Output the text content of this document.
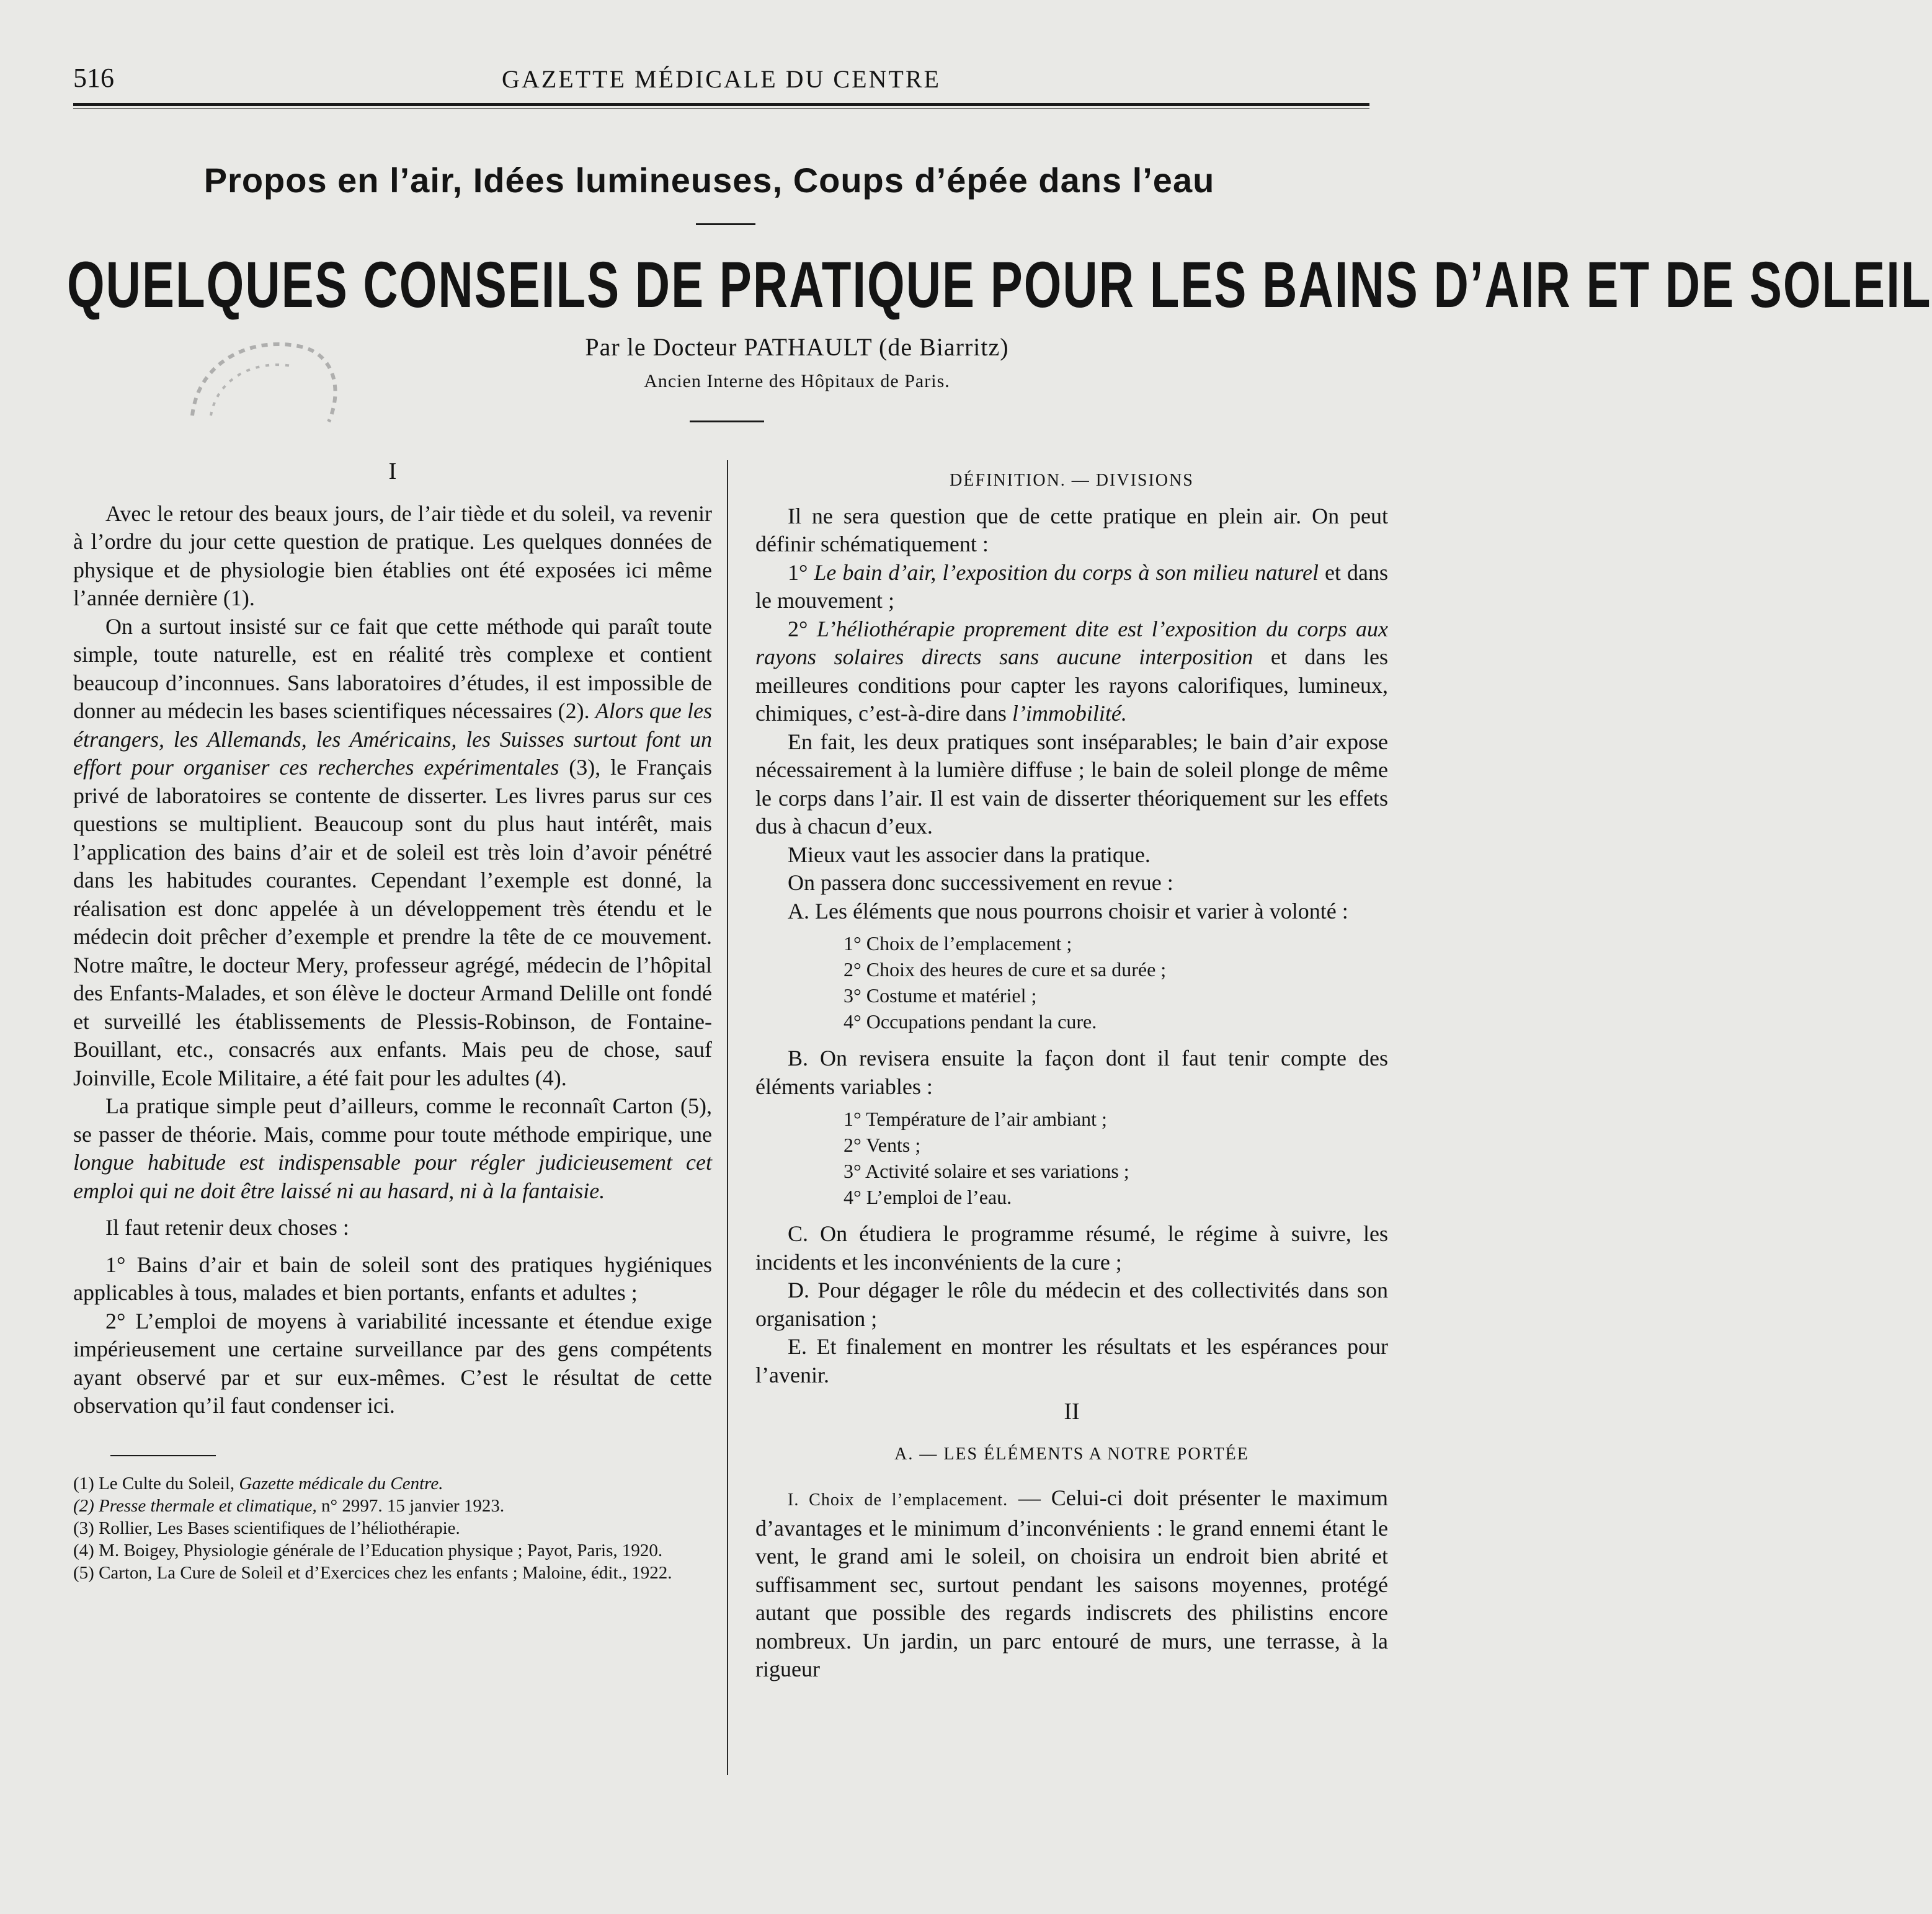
516	GAZETTE MÉDICALE DU CENTRE
Propos en l’air, Idées lumineuses, Coups d’épée dans l’eau
QUELQUES CONSEILS DE PRATIQUE POUR LES BAINS D’AIR ET DE SOLEIL
Par le Docteur PATHAULT (de Biarritz)
Ancien Interne des Hôpitaux de Paris.
I

Avec le retour des beaux jours, de l’air tiède et du soleil, va revenir à l’ordre du jour cette question de pratique. Les quelques données de physique et de physiologie bien établies ont été exposées ici même l’année dernière (1).

On a surtout insisté sur ce fait que cette méthode qui paraît toute simple, toute naturelle, est en réalité très complexe et contient beaucoup d’inconnues. Sans laboratoires d’études, il est impossible de donner au médecin les bases scientifiques nécessaires (2). Alors que les étrangers, les Allemands, les Américains, les Suisses surtout font un effort pour organiser ces recherches expérimentales (3), le Français privé de laboratoires se contente de disserter. Les livres parus sur ces questions se multiplient. Beaucoup sont du plus haut intérêt, mais l’application des bains d’air et de soleil est très loin d’avoir pénétré dans les habitudes courantes. Cependant l’exemple est donné, la réalisation est donc appelée à un développement très étendu et le médecin doit prêcher d’exemple et prendre la tête de ce mouvement. Notre maître, le docteur Mery, professeur agrégé, médecin de l’hôpital des Enfants-Malades, et son élève le docteur Armand Delille ont fondé et surveillé les établissements de Plessis-Robinson, de Fontaine-Bouillant, etc., consacrés aux enfants. Mais peu de chose, sauf Joinville, Ecole Militaire, a été fait pour les adultes (4).

La pratique simple peut d’ailleurs, comme le reconnaît Carton (5), se passer de théorie. Mais, comme pour toute méthode empirique, une longue habitude est indispensable pour régler judicieusement cet emploi qui ne doit être laissé ni au hasard, ni à la fantaisie.

Il faut retenir deux choses :

1° Bains d’air et bain de soleil sont des pratiques hygiéniques applicables à tous, malades et bien portants, enfants et adultes ;

2° L’emploi de moyens à variabilité incessante et étendue exige impérieusement une certaine surveillance par des gens compétents ayant observé par et sur eux-mêmes. C’est le résultat de cette observation qu’il faut condenser ici.

(1) Le Culte du Soleil, Gazette médicale du Centre.
(2) Presse thermale et climatique, n° 2997. 15 janvier 1923.
(3) Rollier, Les Bases scientifiques de l’héliothérapie.
(4) M. Boigey, Physiologie générale de l’Education physique ; Payot, Paris, 1920.
(5) Carton, La Cure de Soleil et d’Exercices chez les enfants ; Maloine, édit., 1922.
DÉFINITION. — DIVISIONS

Il ne sera question que de cette pratique en plein air. On peut définir schématiquement :

1° Le bain d’air, l’exposition du corps à son milieu naturel et dans le mouvement ;

2° L’héliothérapie proprement dite est l’exposition du corps aux rayons solaires directs sans aucune interposition et dans les meilleures conditions pour capter les rayons calorifiques, lumineux, chimiques, c’est-à-dire dans l’immobilité.

En fait, les deux pratiques sont inséparables; le bain d’air expose nécessairement à la lumière diffuse ; le bain de soleil plonge de même le corps dans l’air. Il est vain de disserter théoriquement sur les effets dus à chacun d’eux.

Mieux vaut les associer dans la pratique.

On passera donc successivement en revue :

A. Les éléments que nous pourrons choisir et varier à volonté :

1° Choix de l’emplacement ;
2° Choix des heures de cure et sa durée ;
3° Costume et matériel ;
4° Occupations pendant la cure.

B. On revisera ensuite la façon dont il faut tenir compte des éléments variables :

1° Température de l’air ambiant ;
2° Vents ;
3° Activité solaire et ses variations ;
4° L’emploi de l’eau.

C. On étudiera le programme résumé, le régime à suivre, les incidents et les inconvénients de la cure ;

D. Pour dégager le rôle du médecin et des collectivités dans son organisation ;

E. Et finalement en montrer les résultats et les espérances pour l’avenir.

II
A. — LES ÉLÉMENTS A NOTRE PORTÉE

I. Choix de l’emplacement. — Celui-ci doit présenter le maximum d’avantages et le minimum d’inconvénients : le grand ennemi étant le vent, le grand ami le soleil, on choisira un endroit bien abrité et suffisamment sec, surtout pendant les saisons moyennes, protégé autant que possible des regards indiscrets des philistins encore nombreux. Un jardin, un parc entouré de murs, une terrasse, à la rigueur
